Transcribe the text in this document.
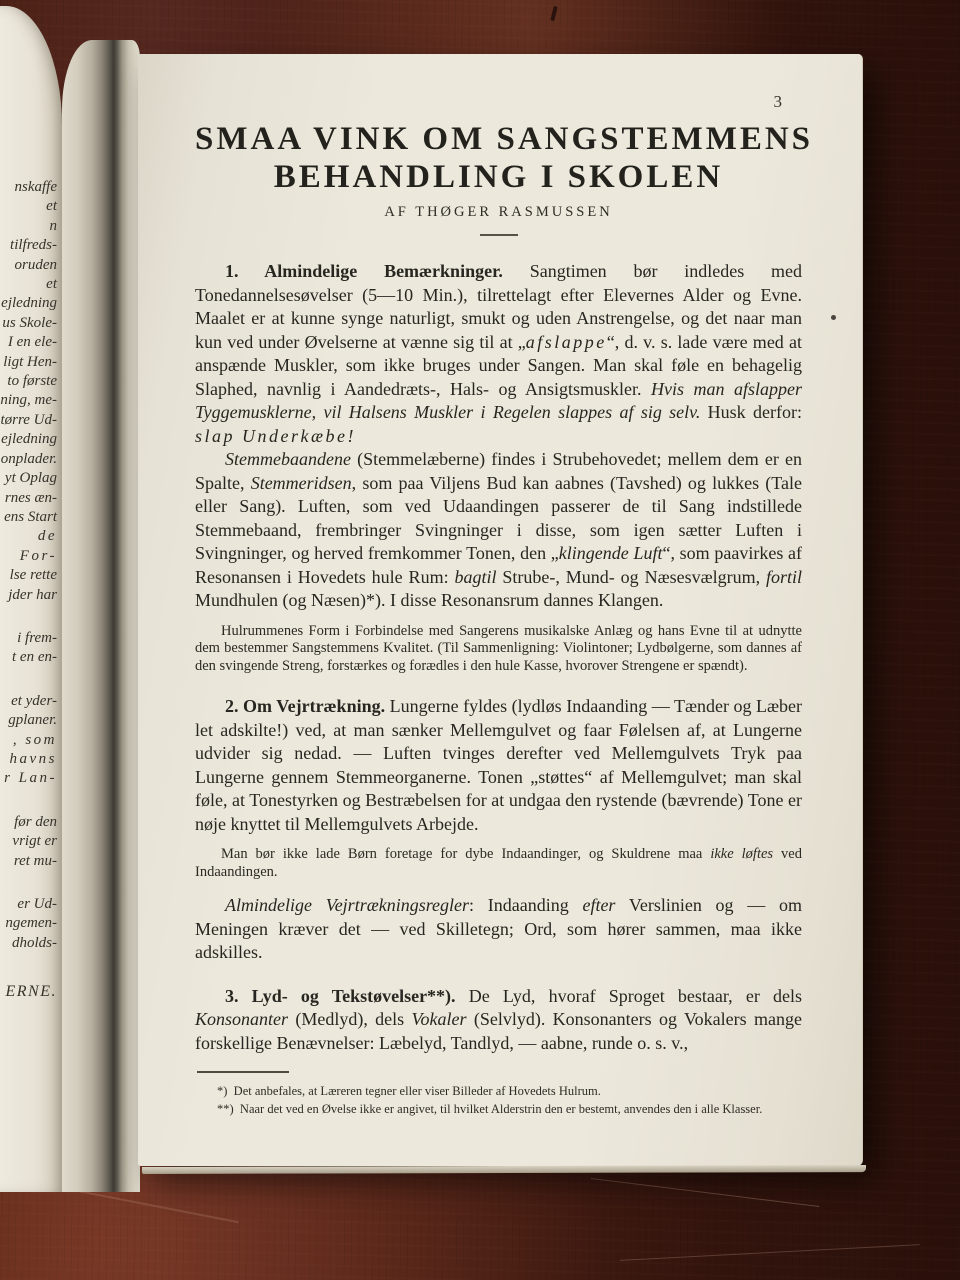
nskaffe et
n tilfreds-
oruden et
ejledning
us Skole-
I en ele-
ligt Hen-
to første
ning, me-
tørre Ud-
ejledning
onplader.
yt Oplag
rnes æn-
ens Start
de For-
lse rette
jder har
i frem-
t en en-
et yder-
gplaner.
, som
havns
r Lan-
før den
vrigt er
ret mu-
er Ud-
ngemen-
dholds-
ERNE.
3
SMAA VINK OM SANGSTEMMENS
BEHANDLING I SKOLEN
AF THØGER RASMUSSEN

1. Almindelige Bemærkninger. Sangtimen bør indledes med Tonedannelsesøvelser (5—10 Min.), tilrettelagt efter Elevernes Alder og Evne. Maalet er at kunne synge naturligt, smukt og uden Anstrengelse, og det naar man kun ved under Øvelserne at vænne sig til at „afslappe“, d. v. s. lade være med at anspænde Muskler, som ikke bruges under Sangen. Man skal føle en behagelig Slaphed, navnlig i Aandedræts-, Hals- og Ansigtsmuskler. Hvis man afslapper Tyggemusklerne, vil Halsens Muskler i Regelen slappes af sig selv. Husk derfor: slap Underkæbe!

Stemmebaandene (Stemmelæberne) findes i Strubehovedet; mellem dem er en Spalte, Stemmeridsen, som paa Viljens Bud kan aabnes (Tavshed) og lukkes (Tale eller Sang). Luften, som ved Udaandingen passerer de til Sang indstillede Stemmebaand, frembringer Svingninger i disse, som igen sætter Luften i Svingninger, og herved fremkommer Tonen, den „klingende Luft“, som paavirkes af Resonansen i Hovedets hule Rum: bagtil Strube-, Mund- og Næsesvælgrum, fortil Mundhulen (og Næsen)*). I disse Resonansrum dannes Klangen.

Hulrummenes Form i Forbindelse med Sangerens musikalske Anlæg og hans Evne til at udnytte dem bestemmer Sangstemmens Kvalitet. (Til Sammenligning: Violintoner; Lydbølgerne, som dannes af den svingende Streng, forstærkes og forædles i den hule Kasse, hvorover Strengene er spændt).

2. Om Vejrtrækning. Lungerne fyldes (lydløs Indaanding — Tænder og Læber let adskilte!) ved, at man sænker Mellemgulvet og faar Følelsen af, at Lungerne udvider sig nedad. — Luften tvinges derefter ved Mellemgulvets Tryk paa Lungerne gennem Stemmeorganerne. Tonen „støttes“ af Mellemgulvet; man skal føle, at Tonestyrken og Bestræbelsen for at undgaa den rystende (bævrende) Tone er nøje knyttet til Mellemgulvets Arbejde.

Man bør ikke lade Børn foretage for dybe Indaandinger, og Skuldrene maa ikke løftes ved Indaandingen.

Almindelige Vejrtrækningsregler: Indaanding efter Verslinien og — om Meningen kræver det — ved Skilletegn; Ord, som hører sammen, maa ikke adskilles.

3. Lyd- og Tekstøvelser**). De Lyd, hvoraf Sproget bestaar, er dels Konsonanter (Medlyd), dels Vokaler (Selvlyd). Konsonanters og Vokalers mange forskellige Benævnelser: Læbelyd, Tandlyd, — aabne, runde o. s. v.,

*) Det anbefales, at Læreren tegner eller viser Billeder af Hovedets Hulrum.

**) Naar det ved en Øvelse ikke er angivet, til hvilket Alderstrin den er bestemt, anvendes den i alle Klasser.
